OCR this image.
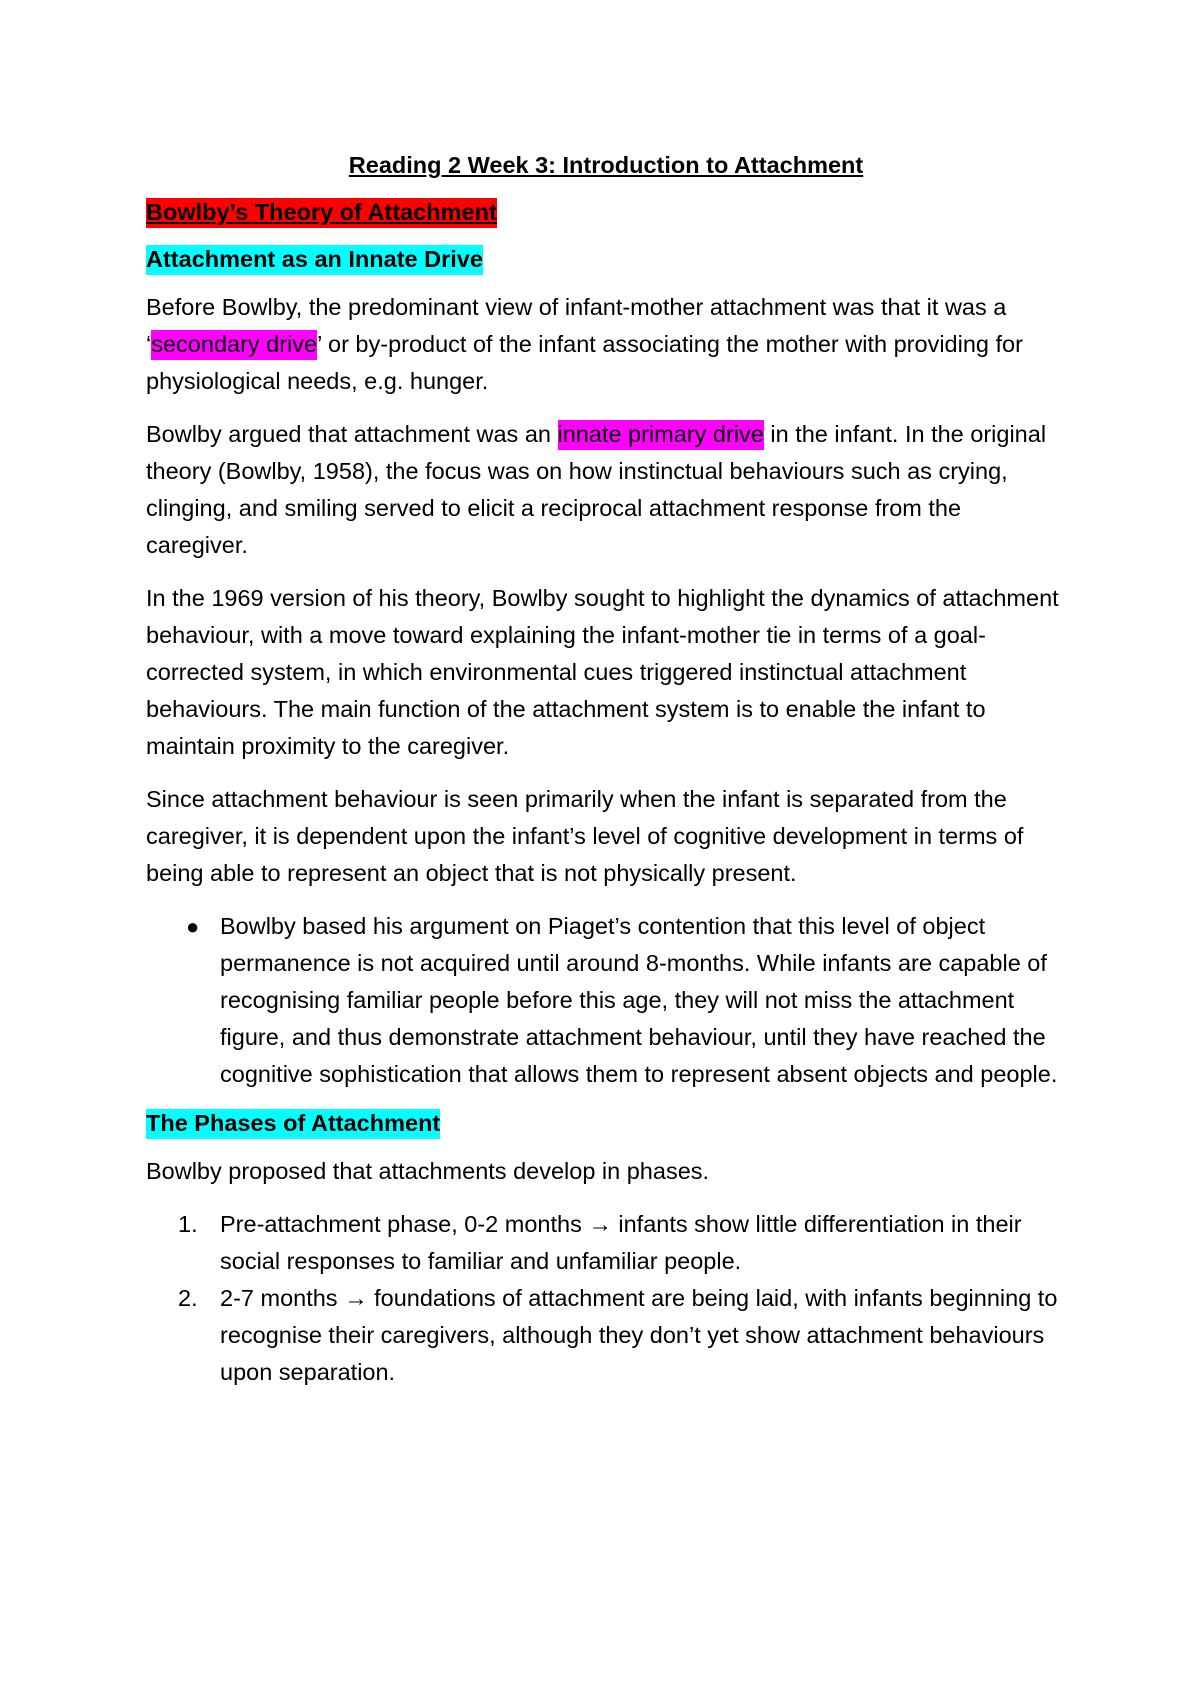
Reading 2 Week 3: Introduction to Attachment
Bowlby’s Theory of Attachment
Attachment as an Innate Drive

Before Bowlby, the predominant view of infant-mother attachment was that it was a ‘secondary drive’ or by-product of the infant associating the mother with providing for physiological needs, e.g. hunger.

Bowlby argued that attachment was an innate primary drive in the infant. In the original theory (Bowlby, 1958), the focus was on how instinctual behaviours such as crying, clinging, and smiling served to elicit a reciprocal attachment response from the caregiver.

In the 1969 version of his theory, Bowlby sought to highlight the dynamics of attachment behaviour, with a move toward explaining the infant-mother tie in terms of a goal-corrected system, in which environmental cues triggered instinctual attachment behaviours. The main function of the attachment system is to enable the infant to maintain proximity to the caregiver.

Since attachment behaviour is seen primarily when the infant is separated from the caregiver, it is dependent upon the infant’s level of cognitive development in terms of being able to represent an object that is not physically present.

● Bowlby based his argument on Piaget’s contention that this level of object permanence is not acquired until around 8-months. While infants are capable of recognising familiar people before this age, they will not miss the attachment figure, and thus demonstrate attachment behaviour, until they have reached the cognitive sophistication that allows them to represent absent objects and people.
The Phases of Attachment

Bowlby proposed that attachments develop in phases.

1. Pre-attachment phase, 0-2 months → infants show little differentiation in their social responses to familiar and unfamiliar people.
2. 2-7 months → foundations of attachment are being laid, with infants beginning to recognise their caregivers, although they don’t yet show attachment behaviours upon separation.
